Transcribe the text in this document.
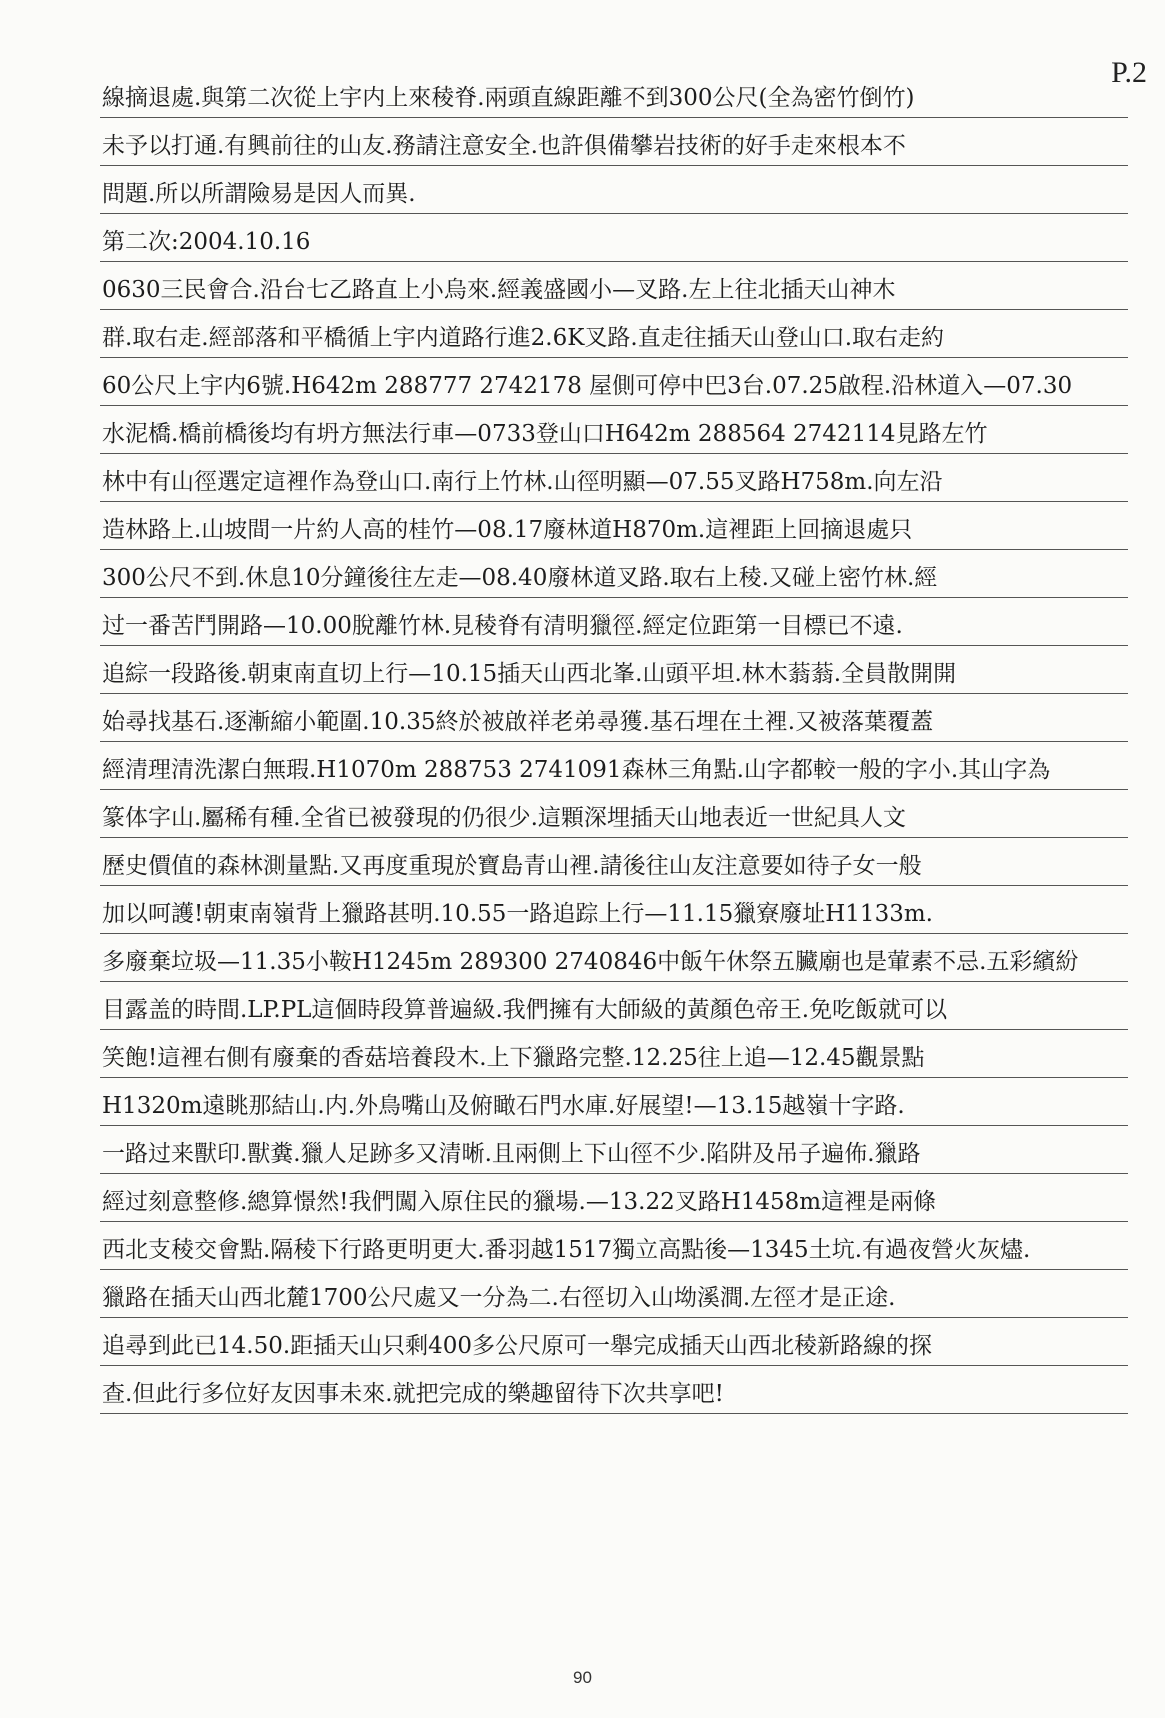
P.2
線摘退處.與第二次從上宇内上來稜脊.兩頭直線距離不到300公尺(全為密竹倒竹)
未予以打通.有興前往的山友.務請注意安全.也許俱備攀岩技術的好手走來根本不
問題.所以所謂險易是因人而異.
第二次:2004.10.16
0630三民會合.沿台七乙路直上小烏來.經義盛國小—叉路.左上往北插天山神木
群.取右走.經部落和平橋循上宇内道路行進2.6K叉路.直走往插天山登山口.取右走約
60公尺上宇内6號.H642m 288777 2742178 屋側可停中巴3台.07.25啟程.沿林道入—07.30
水泥橋.橋前橋後均有坍方無法行車—0733登山口H642m 288564 2742114見路左竹
林中有山徑選定這裡作為登山口.南行上竹林.山徑明顯—07.55叉路H758m.向左沿
造林路上.山坡間一片約人高的桂竹—08.17廢林道H870m.這裡距上回摘退處只
300公尺不到.休息10分鐘後往左走—08.40廢林道叉路.取右上稜.又碰上密竹林.經
过一番苦鬥開路—10.00脫離竹林.見稜脊有清明獵徑.經定位距第一目標已不遠.
追綜一段路後.朝東南直切上行—10.15插天山西北峯.山頭平坦.林木蓊蓊.全員散開開
始尋找基石.逐漸縮小範圍.10.35終於被啟祥老弟尋獲.基石埋在土裡.又被落葉覆蓋
經清理清洗潔白無瑕.H1070m 288753 2741091森林三角點.山字都較一般的字小.其山字為
篆体字山.屬稀有種.全省已被發現的仍很少.這顆深埋插天山地表近一世紀具人文
歷史價值的森林測量點.又再度重現於寶島青山裡.請後往山友注意要如待子女一般
加以呵護!朝東南嶺背上獵路甚明.10.55一路追踪上行—11.15獵寮廢址H1133m.
多廢棄垃圾—11.35小鞍H1245m 289300 2740846中飯午休祭五臟廟也是葷素不忌.五彩繽紛
目露盖的時間.LP.PL這個時段算普遍級.我們擁有大師級的黃顏色帝王.免吃飯就可以
笑飽!這裡右側有廢棄的香菇培養段木.上下獵路完整.12.25往上追—12.45觀景點
H1320m遠眺那結山.内.外鳥嘴山及俯瞰石門水庫.好展望!—13.15越嶺十字路.
一路过来獸印.獸糞.獵人足跡多又清晰.且兩側上下山徑不少.陷阱及吊子遍佈.獵路
經过刻意整修.總算憬然!我們闖入原住民的獵場.—13.22叉路H1458m這裡是兩條
西北支稜交會點.隔稜下行路更明更大.番羽越1517獨立高點後—1345土坑.有過夜營火灰燼.
獵路在插天山西北麓1700公尺處又一分為二.右徑切入山坳溪澗.左徑才是正途.
追尋到此已14.50.距插天山只剩400多公尺原可一舉完成插天山西北稜新路線的探
查.但此行多位好友因事未來.就把完成的樂趣留待下次共享吧!
90
